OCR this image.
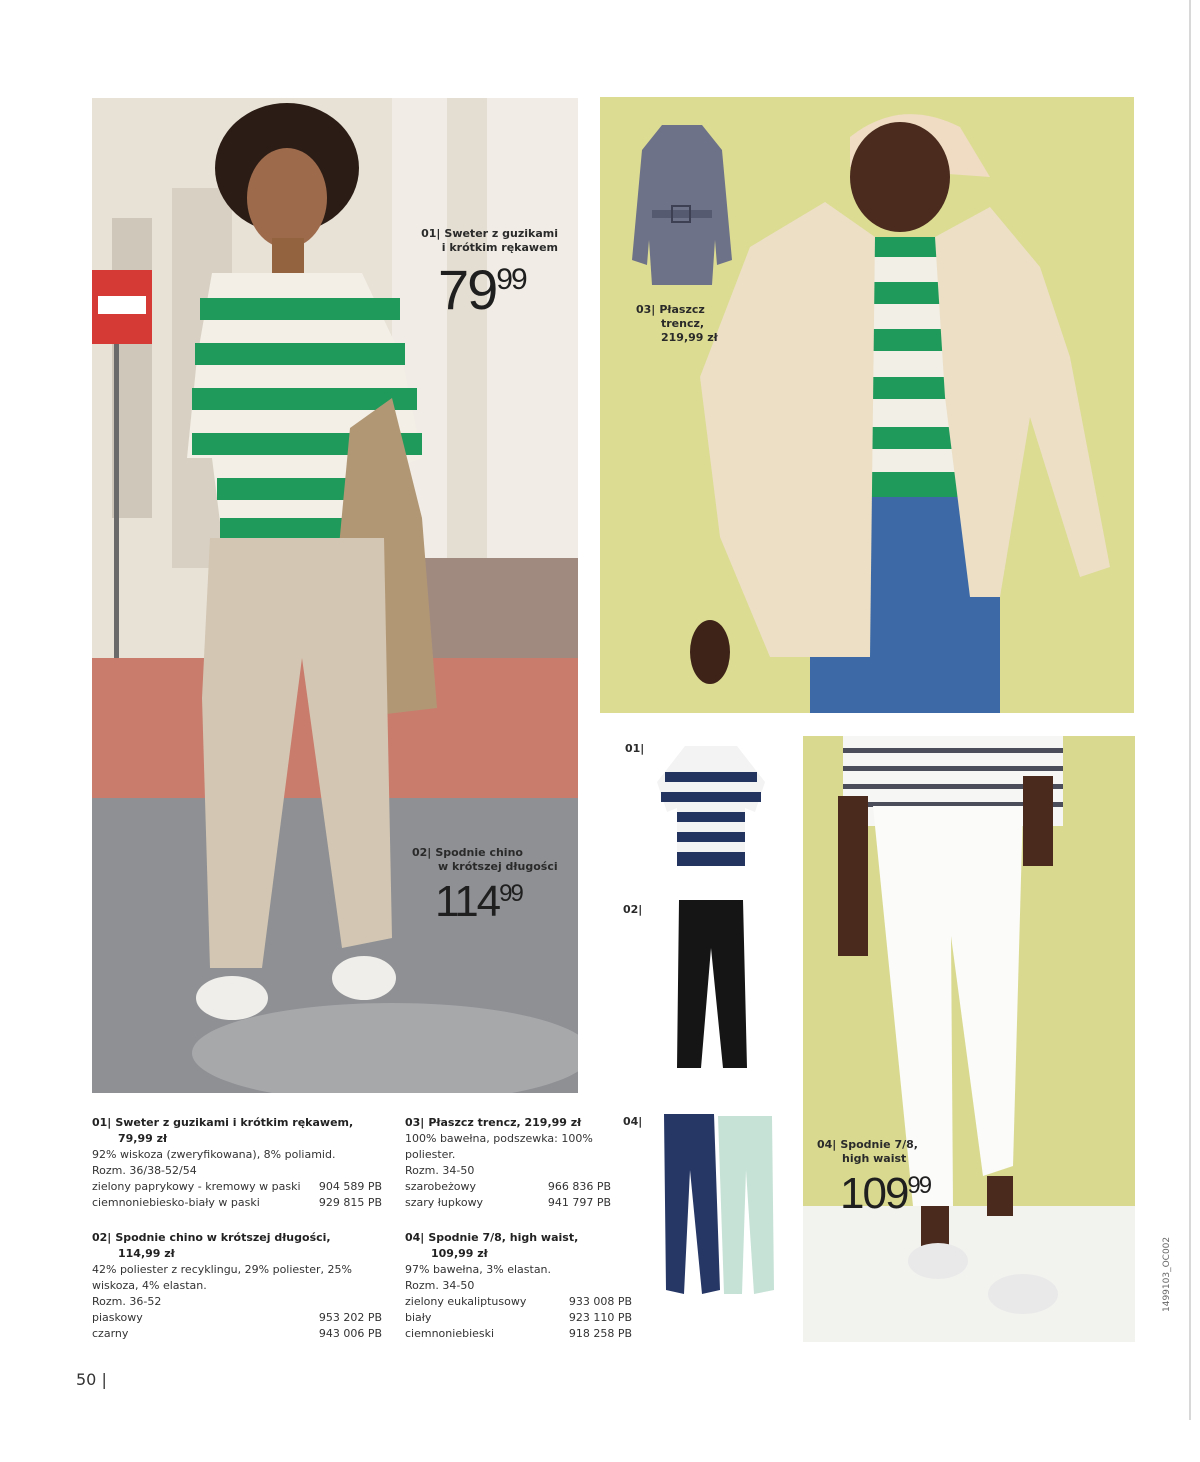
01| Sweter z guzikami
i krótkim rękawem
7999
02| Spodnie chino
w krótszej długości
11499
03| Płaszcz
trencz,
219,99 zł
01|
02|
04|
04| Spodnie 7/8,
high waist
10999
01| Sweter z guzikami i krótkim rękawem,
79,99 zł
92% wiskoza (zweryfikowana), 8% poliamid.
Rozm. 36/38-52/54
zielony paprykowy - kremowy w paski 904 589 PB
ciemnoniebiesko-biały w paski	929 815 PB
02| Spodnie chino w krótszej długości,
114,99 zł
42% poliester z recyklingu, 29% poliester, 25%
wiskoza, 4% elastan.
Rozm. 36-52
piaskowy	953 202 PB
czarny	943 006 PB
03| Płaszcz trencz, 219,99 zł
100% bawełna, podszewka: 100%
poliester.
Rozm. 34-50
szarobeżowy	966 836 PB
szary łupkowy	941 797 PB
04| Spodnie 7/8, high waist,
109,99 zł
97% bawełna, 3% elastan.
Rozm. 34-50
zielony eukaliptusowy	933 008 PB
biały	923 110 PB
ciemnoniebieski	918 258 PB
50 |
1499103_OC002
